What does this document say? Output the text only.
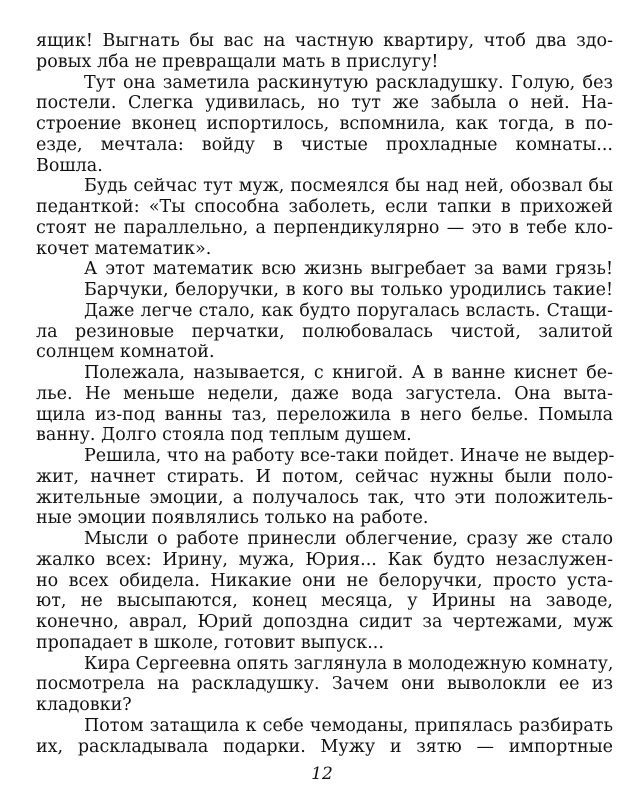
ящик! Выгнать бы вас на частную квартиру, чтоб два здо-
ровых лба не превращали мать в прислугу!
Тут она заметила раскинутую раскладушку. Голую, без
постели. Слегка удивилась, но тут же забыла о ней. На-
строение вконец испортилось, вспомнила, как тогда, в по-
езде, мечтала: войду в чистые прохладные комнаты...
Вошла.
Будь сейчас тут муж, посмеялся бы над ней, обозвал бы
педанткой: «Ты способна заболеть, если тапки в прихожей
стоят не параллельно, а перпендикулярно — это в тебе кло-
кочет математик».
А этот математик всю жизнь выгребает за вами грязь!
Барчуки, белоручки, в кого вы только уродились такие!
Даже легче стало, как будто поругалась всласть. Стащи-
ла резиновые перчатки, полюбовалась чистой, залитой
солнцем комнатой.
Полежала, называется, с книгой. А в ванне киснет бе-
лье. Не меньше недели, даже вода загустела. Она выта-
щила из-под ванны таз, переложила в него белье. Помыла
ванну. Долго стояла под теплым душем.
Решила, что на работу все-таки пойдет. Иначе не выдер-
жит, начнет стирать. И потом, сейчас нужны были поло-
жительные эмоции, а получалось так, что эти положитель-
ные эмоции появлялись только на работе.
Мысли о работе принесли облегчение, сразу же стало
жалко всех: Ирину, мужа, Юрия... Как будто незаслужен-
но всех обидела. Никакие они не белоручки, просто уста-
ют, не высыпаются, конец месяца, у Ирины на заводе,
конечно, аврал, Юрий допоздна сидит за чертежами, муж
пропадает в школе, готовит выпуск...
Кира Сергеевна опять заглянула в молодежную комнату,
посмотрела на раскладушку. Зачем они выволокли ее из
кладовки?
Потом затащила к себе чемоданы, припялась разбирать
их, раскладывала подарки. Мужу и зятю — импортные
12
